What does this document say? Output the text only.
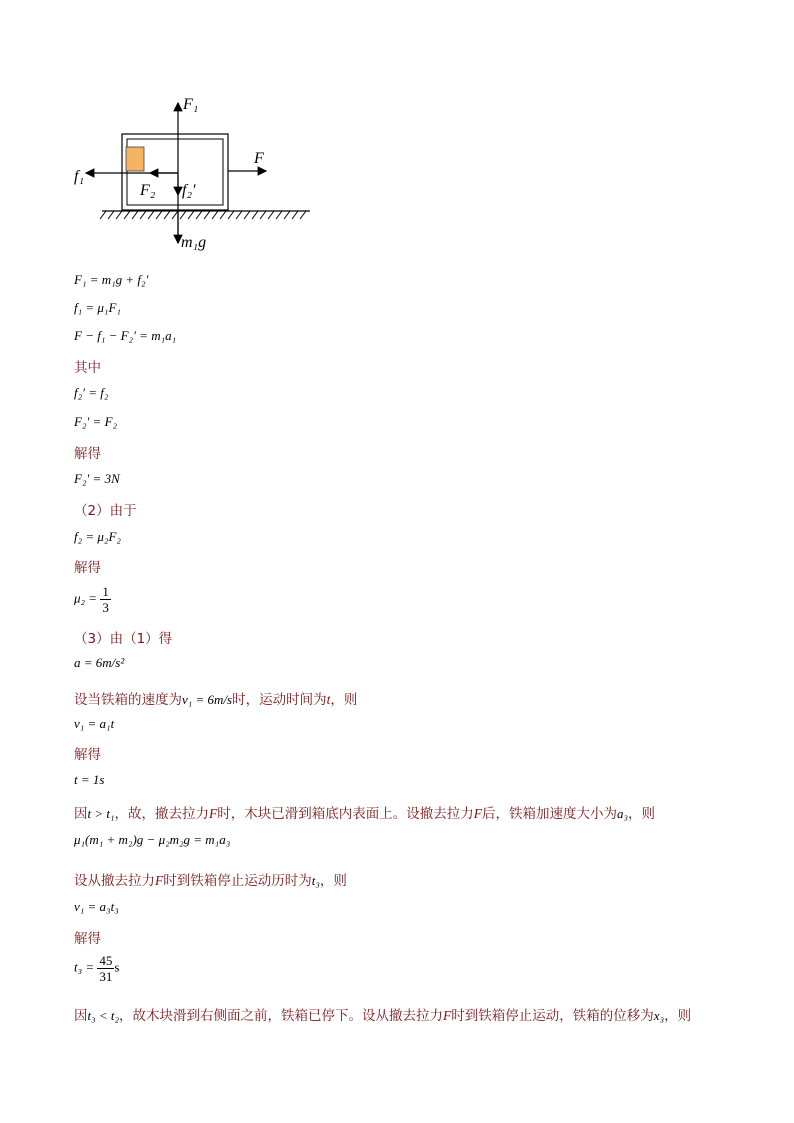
F₁
F
f₁
F₂ f₂′
m₁g
F₁ = m₁g + f₂′
f₁ = μ₁F₁
F − f₁ − F₂′ = m₁a₁
其中
f₂′ = f₂
F₂′ = F₂
解得
F₂′ = 3N
（2）由于
f₂ = μ₂F₂
解得
$\mu_2 = \frac{1}{3}$
（3）由（1）得
a = 6m/s²
设当铁箱的速度为v₁ = 6m/s时，运动时间为t，则
v₁ = a₁t
解得
t = 1s
因t > t₁，故，撤去拉力F时，木块已滑到箱底内表面上。设撤去拉力F后，铁箱加速度大小为a₃，则
μ₁(m₁ + m₂)g − μ₂m₂g = m₁a₃
设从撤去拉力F时到铁箱停止运动历时为t₃，则
v₁ = a₃t₃
解得
$t_3 = \frac{45}{31}$ s
因t₃ < t₂，故木块滑到右侧面之前，铁箱已停下。设从撤去拉力F时到铁箱停止运动，铁箱的位移为x₃，则
